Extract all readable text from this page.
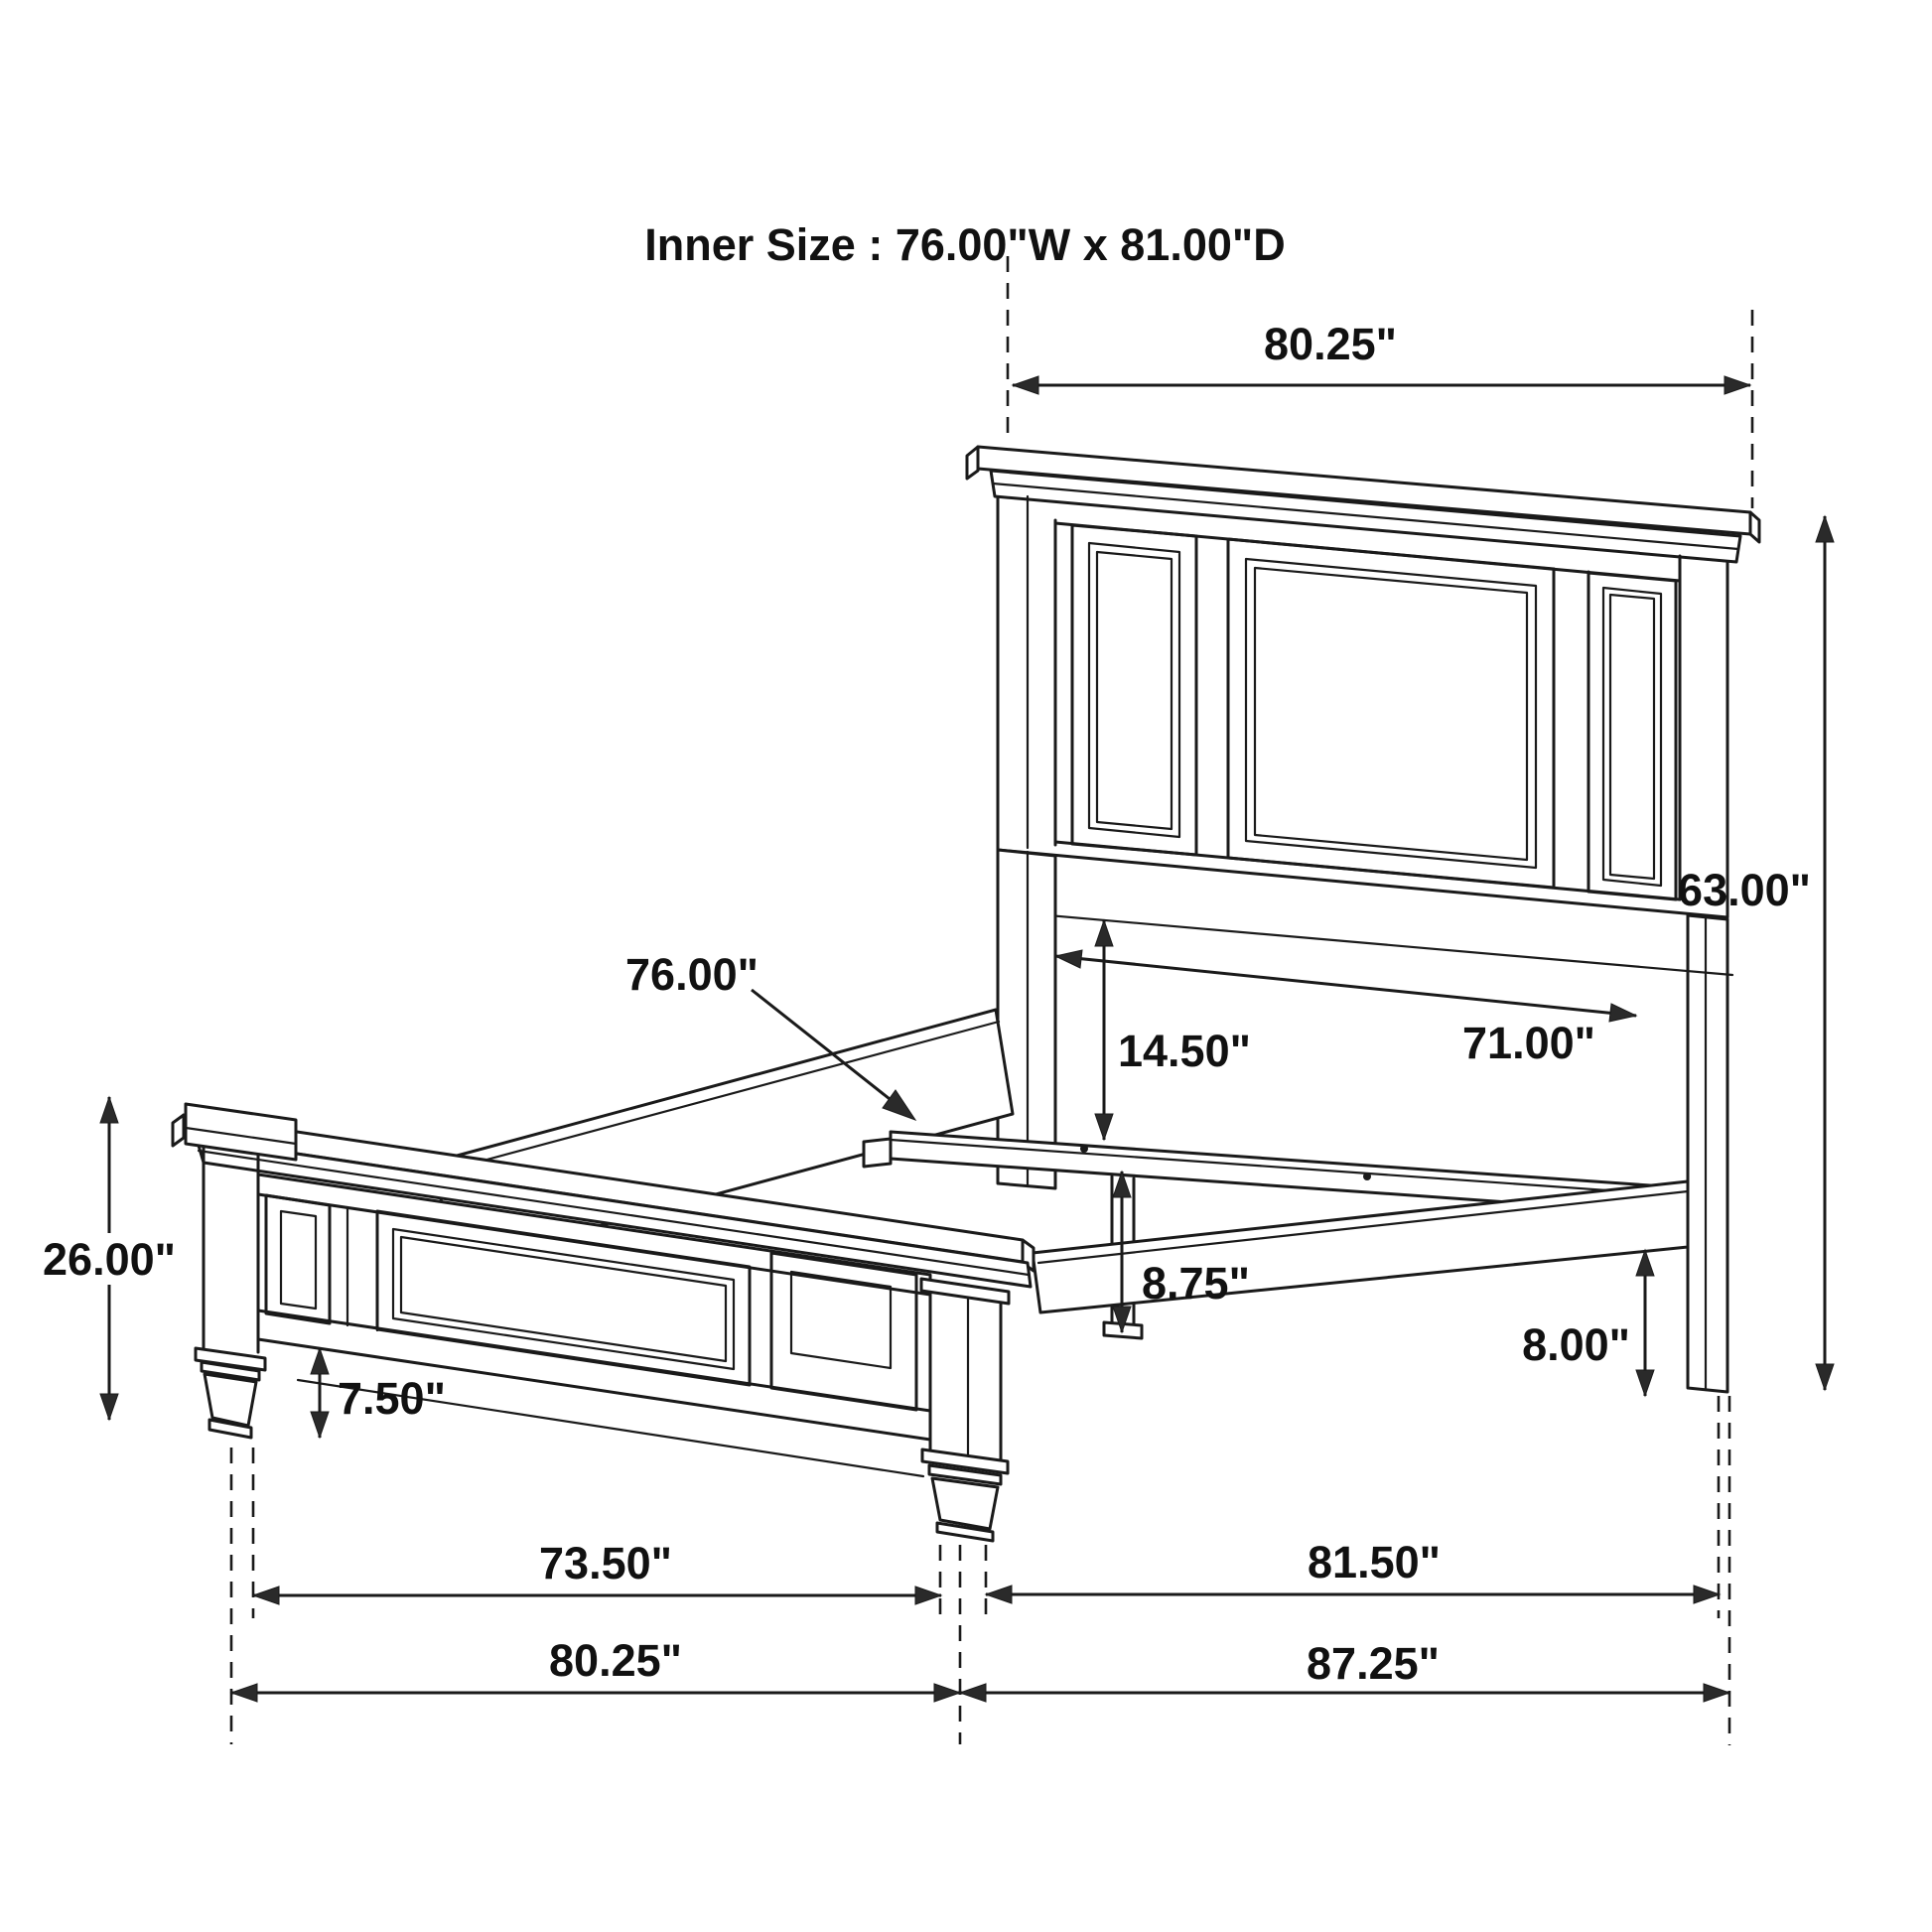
Inner Size : 76.00"W x 81.00"D
80.25"
63.00"
76.00"
71.00"
14.50"
8.75"
8.00"
26.00"
7.50"
73.50"	81.50"
80.25"	87.25"
